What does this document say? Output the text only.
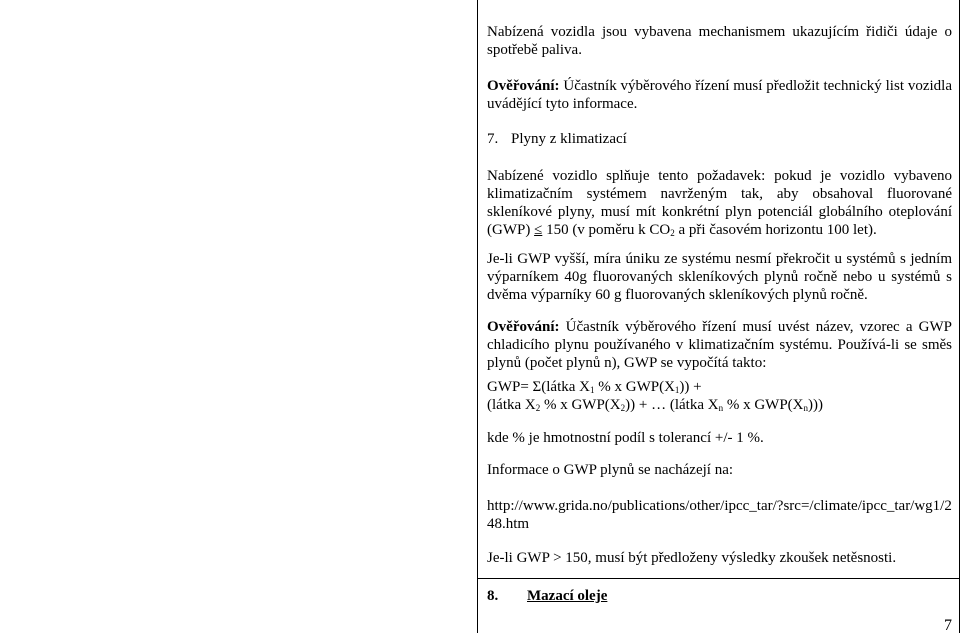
Nabízená vozidla jsou vybavena mechanismem ukazujícím řidiči údaje o spotřebě paliva.
Ověřování: Účastník výběrového řízení musí předložit technický list vozidla uvádějící tyto informace.
7. Plyny z klimatizací
Nabízené vozidlo splňuje tento požadavek: pokud je vozidlo vybaveno klimatizačním systémem navrženým tak, aby obsahoval fluorované skleníkové plyny, musí mít konkrétní plyn potenciál globálního oteplování (GWP) ≤ 150 (v poměru k $CO_2$ a při časovém horizontu 100 let).
Je-li GWP vyšší, míra úniku ze systému nesmí překročit u systémů s jedním výparníkem 40g fluorovaných skleníkových plynů ročně nebo u systémů s dvěma výparníky 60 g fluorovaných skleníkových plynů ročně.
Ověřování: Účastník výběrového řízení musí uvést název, vzorec a GWP chladicího plynu používaného v klimatizačním systému. Používá-li se směs plynů (počet plynů n), GWP se vypočítá takto:
GWP= Σ(látka $X_1$ % x $GWP(X_1)$) +
(látka $X_2$ % x $GWP(X_2)$) + … (látka $X_n$ % x $GWP(X_n)$))
kde % je hmotnostní podíl s tolerancí +/- 1 %.
Informace o GWP plynů se nacházejí na:
http://www.grida.no/publications/other/ipcc_tar/?src=/climate/ipcc_tar/wg1/2
48.htm
Je-li GWP > 150, musí být předloženy výsledky zkoušek netěsnosti.
8. Mazací oleje
7
